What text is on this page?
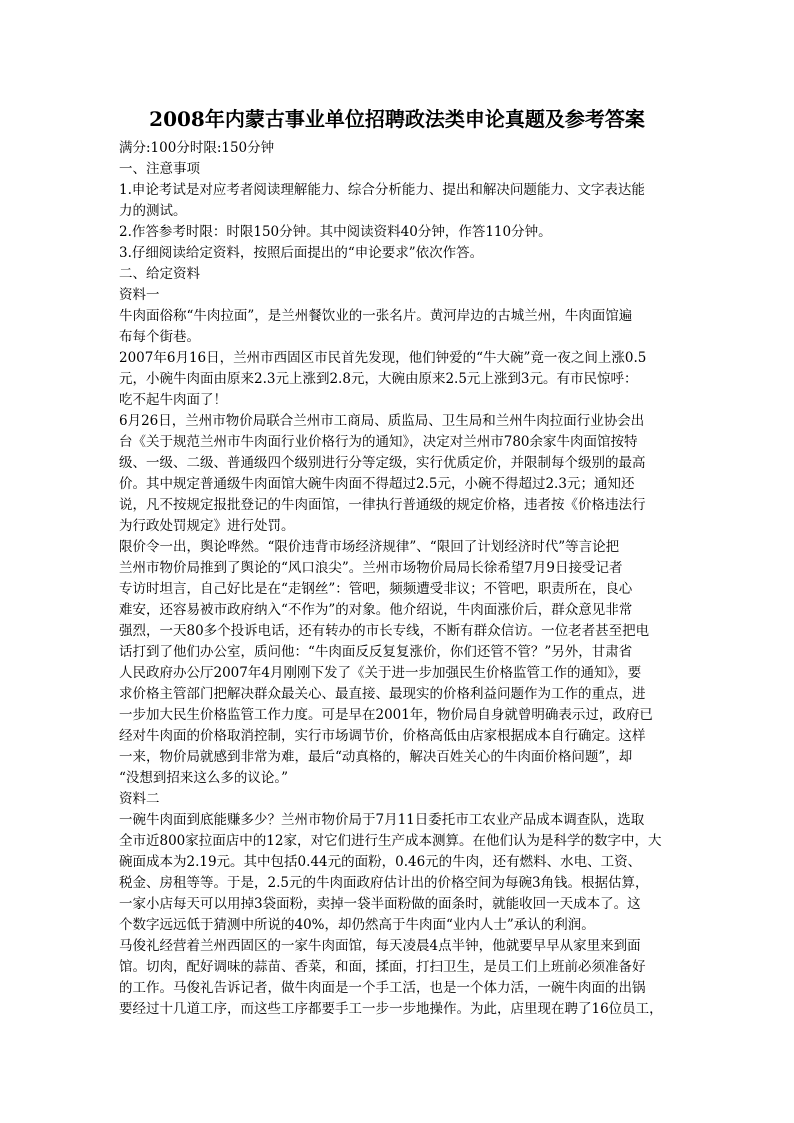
2008年内蒙古事业单位招聘政法类申论真题及参考答案

满分:100分时限:150分钟

一、注意事项

1.申论考试是对应考者阅读理解能力、综合分析能力、提出和解决问题能力、文字表达能

力的测试。

2.作答参考时限：时限150分钟。其中阅读资料40分钟，作答110分钟。

3.仔细阅读给定资料，按照后面提出的“申论要求”依次作答。

二、给定资料

资料一

牛肉面俗称“牛肉拉面”，是兰州餐饮业的一张名片。黄河岸边的古城兰州，牛肉面馆遍

布每个街巷。

2007年6月16日，兰州市西固区市民首先发现，他们钟爱的“牛大碗”竟一夜之间上涨0.5

元，小碗牛肉面由原来2.3元上涨到2.8元，大碗由原来2.5元上涨到3元。有市民惊呼：

吃不起牛肉面了！

6月26日，兰州市物价局联合兰州市工商局、质监局、卫生局和兰州牛肉拉面行业协会出

台《关于规范兰州市牛肉面行业价格行为的通知》，决定对兰州市780余家牛肉面馆按特

级、一级、二级、普通级四个级别进行分等定级，实行优质定价，并限制每个级别的最高

价。其中规定普通级牛肉面馆大碗牛肉面不得超过2.5元，小碗不得超过2.3元；通知还

说，凡不按规定报批登记的牛肉面馆，一律执行普通级的规定价格，违者按《价格违法行

为行政处罚规定》进行处罚。

限价令一出，舆论哗然。“限价违背市场经济规律”、“限回了计划经济时代”等言论把

兰州市物价局推到了舆论的“风口浪尖”。兰州市场物价局局长徐希望7月9日接受记者

专访时坦言，自己好比是在“走钢丝”：管吧，频频遭受非议；不管吧，职责所在，良心

难安，还容易被市政府纳入“不作为”的对象。他介绍说，牛肉面涨价后，群众意见非常

强烈，一天80多个投诉电话，还有转办的市长专线，不断有群众信访。一位老者甚至把电

话打到了他们办公室，质问他：“牛肉面反反复复涨价，你们还管不管？”另外，甘肃省

人民政府办公厅2007年4月刚刚下发了《关于进一步加强民生价格监管工作的通知》，要

求价格主管部门把解决群众最关心、最直接、最现实的价格利益问题作为工作的重点，进

一步加大民生价格监管工作力度。可是早在2001年，物价局自身就曾明确表示过，政府已

经对牛肉面的价格取消控制，实行市场调节价，价格高低由店家根据成本自行确定。这样

一来，物价局就感到非常为难，最后“动真格的，解决百姓关心的牛肉面价格问题”，却

“没想到招来这么多的议论。”

资料二

一碗牛肉面到底能赚多少？兰州市物价局于7月11日委托市工农业产品成本调查队，选取

全市近800家拉面店中的12家，对它们进行生产成本测算。在他们认为是科学的数字中，大

碗面成本为2.19元。其中包括0.44元的面粉，0.46元的牛肉，还有燃料、水电、工资、

税金、房租等等。于是，2.5元的牛肉面政府估计出的价格空间为每碗3角钱。根据估算，

一家小店每天可以用掉3袋面粉，卖掉一袋半面粉做的面条时，就能收回一天成本了。这

个数字远远低于猜测中所说的40%，却仍然高于牛肉面“业内人士”承认的利润。

马俊礼经营着兰州西固区的一家牛肉面馆，每天凌晨4点半钟，他就要早早从家里来到面

馆。切肉，配好调味的蒜苗、香菜，和面，揉面，打扫卫生，是员工们上班前必须准备好

的工作。马俊礼告诉记者，做牛肉面是一个手工活，也是一个体力活，一碗牛肉面的出锅

要经过十几道工序，而这些工序都要手工一步一步地操作。为此，店里现在聘了16位员工，
